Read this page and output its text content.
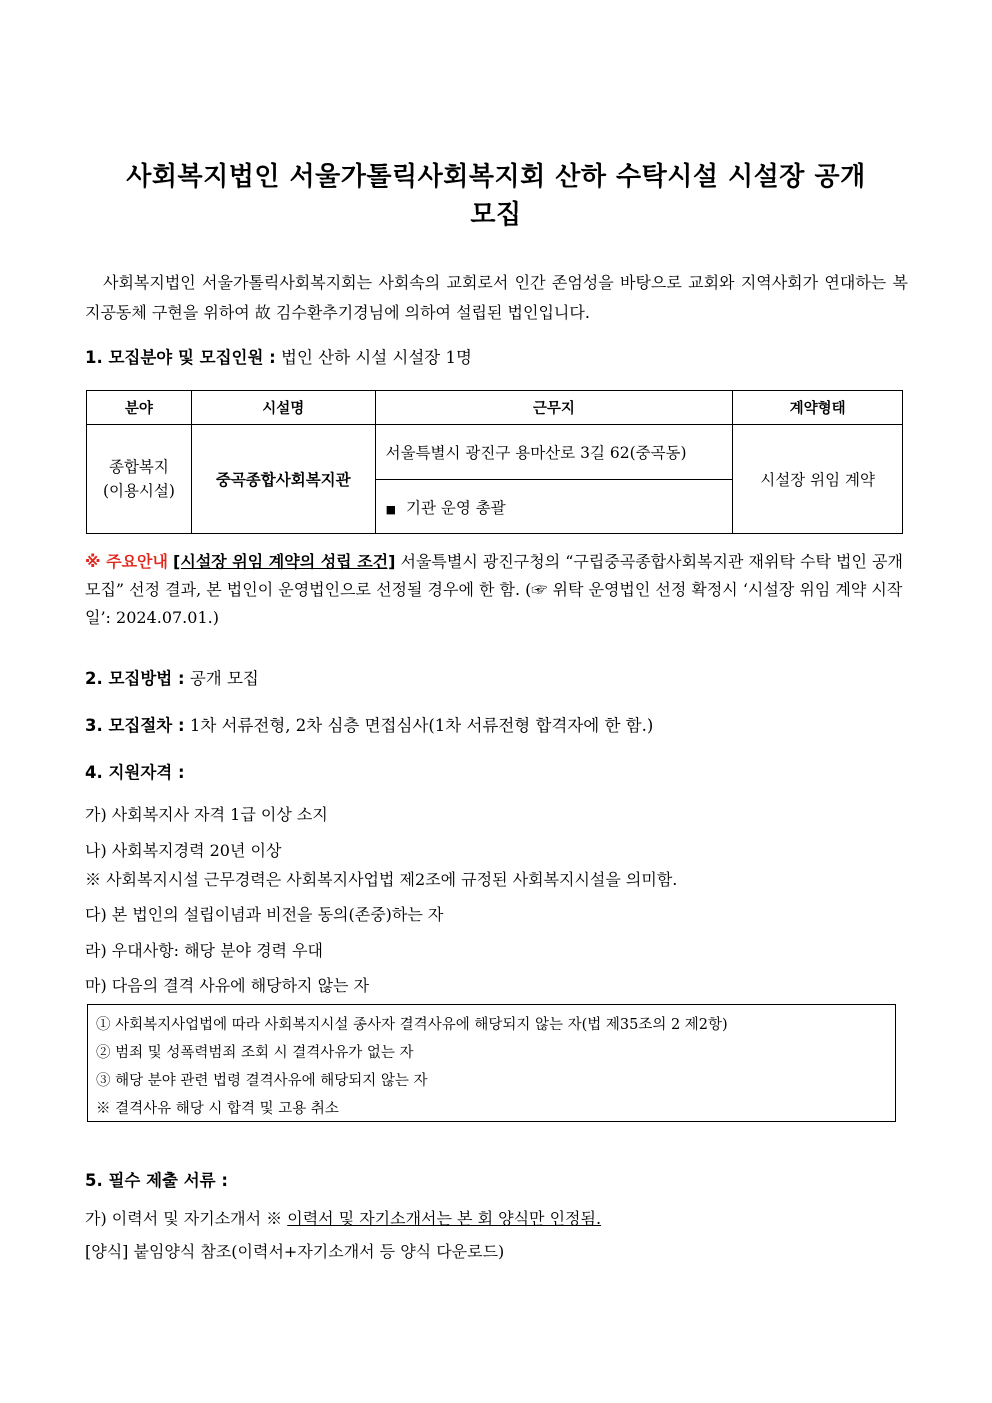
사회복지법인 서울가톨릭사회복지회 산하 수탁시설 시설장 공개
모집
사회복지법인 서울가톨릭사회복지회는 사회속의 교회로서 인간 존엄성을 바탕으로 교회와 지역사회가 연대하는 복지공동체 구현을 위하여 故 김수환추기경님에 의하여 설립된 법인입니다.
1. 모집분야 및 모집인원 : 법인 산하 시설 시설장 1명
분야	시설명	근무지	계약형태

종합복지
(이용시설)	중곡종합사회복지관	서울특별시 광진구 용마산로 3길 62(중곡동)	시설장 위임 계약
		■ 기관 운영 총괄	
※ 주요안내 [시설장 위임 계약의 성립 조건] 서울특별시 광진구청의 “구립중곡종합사회복지관 재위탁 수탁 법인 공개모집” 선정 결과, 본 법인이 운영법인으로 선정될 경우에 한 함. (☞ 위탁 운영법인 선정 확정시 ‘시설장 위임 계약 시작일’: 2024.07.01.)
2. 모집방법 : 공개 모집
3. 모집절차 : 1차 서류전형, 2차 심층 면접심사(1차 서류전형 합격자에 한 함.)
4. 지원자격 :
가) 사회복지사 자격 1급 이상 소지
나) 사회복지경력 20년 이상
※ 사회복지시설 근무경력은 사회복지사업법 제2조에 규정된 사회복지시설을 의미함.
다) 본 법인의 설립이념과 비전을 동의(존중)하는 자
라) 우대사항: 해당 분야 경력 우대
마) 다음의 결격 사유에 해당하지 않는 자
① 사회복지사업법에 따라 사회복지시설 종사자 결격사유에 해당되지 않는 자(법 제35조의 2 제2항)
② 범죄 및 성폭력범죄 조회 시 결격사유가 없는 자
③ 해당 분야 관련 법령 결격사유에 해당되지 않는 자
※ 결격사유 해당 시 합격 및 고용 취소
5. 필수 제출 서류 :
가) 이력서 및 자기소개서 ※ 이력서 및 자기소개서는 본 회 양식만 인정됨.
[양식] 붙임양식 참조(이력서+자기소개서 등 양식 다운로드)
